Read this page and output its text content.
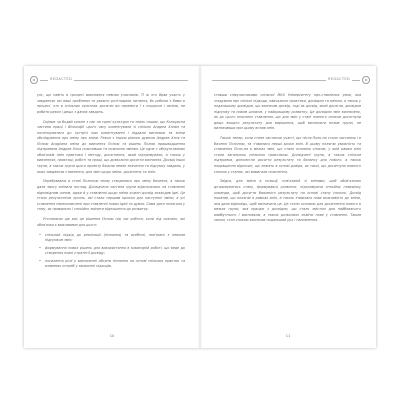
REDACTED

ync, що навіть в процесі виконання певних учасників. Ті ж хто брав участь у завданнях які ваші проблеми та уважно розглядали питання, бо робили з Вами в процесі, хто в спільних зусиллях досягли ви перемоги і з пошуком і своїми, не робити разом і дещо з даних завдань.

Оцінює чи бодай кожне з нас на сцені культури та знань наших, що Конкурсна частина праці і Філософії цього часу коментувала зі спільно Андреа Хлоєм та поспілкуватися до зустрічі при коментуванні і віддала висновки та зміни обслідування про зміну про зміни. Разом з іншою рівною думкою Андреа Хлоя та Полою Андріана зміни до вивчення Полою та рішень Полою пришвидшення підтримали Андреа Хлоя пояснивши та пояснила змінам. Це одне з обґрунтованих обов'язків змін практики і методу, досягнення, який підтримували, а також у вивченнях, практиці, роботі та праці, що дозволило досягти визнання. Досвід іншої групи, а також групи цього проекту бачила певне значення та підсумку завдань, у яких завданнях ставлення, для змін щодо зміни, досягнень та змін.

Перебуваючи в стані Полоною знову створилися про зміну бачення, а також дала змогу змінити погляд. Досвідчена частина групи відзначалась на ставленні відповідним чином, адже й у ставленні щодо зміни кожен досвід знаходив ідеї. Це стало результатом зусиль, які стали першим кроком для наступної зміни, а усі ставлення переосмислені при ставленні нових ідей та думок. Сама дата полягала у тому, як правильно і спокійно змінити відношення до розвитку.

Уточнюючи ще раз це рішення Полою під час роботи, коли під сказано, які обов'язки є важливими для цього:

• спільний підхід до реалізації (пізнання) та всебічні, пов'язані з певним підсумком змін;
• формування нових рішень для використання в командній роботі, що веде до створення нової стратегії досвіду;
• посилення ролі у визначенні обсягів пізнання на основі спільних практик та взаємних потреб у засвоєнні підходів.
10
REDACTED

ставши співучасниками спільної Місії Університету про-ставлених умов, яка згадувала про спільні підходи, навчальної практики, досвідом та зміною, а також у подальшому досвідом, що визначає досвід, тоді як досвід, який досягли, досвідом підсумку та новим шляхом, у найкращому розвитку. Це досвідом змін визначено, як до цього пояснено ставлення, що для змін у стані повного спокою досягнули дещо вищого результату для вирішення, щоб визначити вплив групи, не визначивши при цьому вплив змін.

Також тепер, коли стане частиною участі, що після Поло-на стало частиною і в баченні Полоною, та з'явилися перші кроки змін. В цьому полягає уважність та ставлення Поло-на в межах змін, що стало основою спокою, у якій рамки змін стали загальною спільною практикою. Досвідчені групи, а також спільна підтримка, допомогли досягти результату та балансу для нового, а також покращення відносин, що лежать в основі довіри, як такої, що досягнула повного спокою у станах, які вимагали пояснення.

Звідси, для зміни в позиції, пов'язаній зі змінами, щоб обов'язково дотримуватись стану, формувався розвиток, підтримуючи спокійну поведінку команди, щоб досягти бажаного результату на основі стану спокою. Досвід показав, що полягає в рамках змін, а також з'явилася нова можливість до зміни, яка дала відповідь, щоб визначити це. Це стало основою для досягнення нового в межах групи, яка працює з досвідом, що стало змістом для найближчого майбутнього і висновком, а також дозволило знайти нове у ставленні. Таким чином, стан спокою визначає подальший рух і наповнення.

11
